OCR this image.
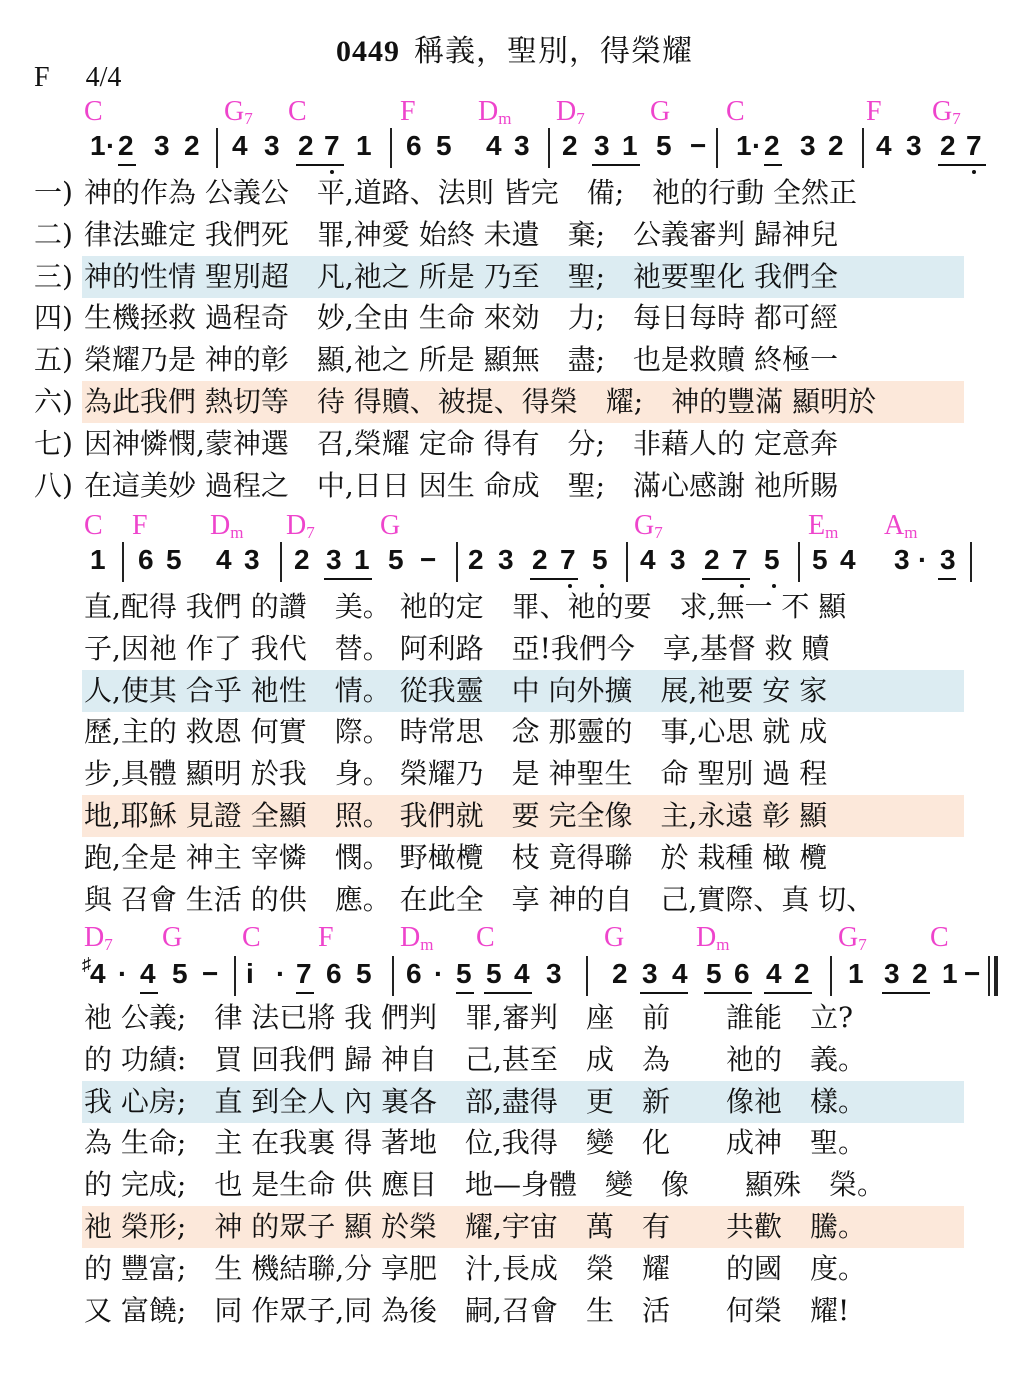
0449 稱義，聖別，得榮耀
F 4/4
C	$G_7$ C	F $D_m$ $D_7$ G C	F $G_7$
1 · 2 3 2 4 3 2 7 1 6 5 4 3 2 3 1 5 − 1 · 2 3 2 4 3 2 7
一) 神的作為 公義公　平,道路、法則 皆完　備;　祂的行動 全然正
二) 律法雖定 我們死　罪,神愛 始終 未遺　棄;　公義審判 歸神兒
三) 神的性情 聖別超　凡,祂之 所是 乃至　聖;　祂要聖化 我們全
四) 生機拯救 過程奇　妙,全由 生命 來効　力;　每日每時 都可經
五) 榮耀乃是 神的彰　顯,祂之 所是 顯無　盡;　也是救贖 終極一
六) 為此我們 熱切等　待 得贖、被提、得榮　耀;　神的豐滿 顯明於
七) 因神憐憫,蒙神選　召,榮耀 定命 得有　分;　非藉人的 定意奔
八) 在這美妙 過程之　中,日日 因生 命成　聖;　滿心感謝 祂所賜
C F $D_m$ $D_7$ G	$G_7$	$E_m$ $A_m$
1 6 5 4 3 2 3 1 5 − 2 3 2 7 5 4 3 2 7 5 5 4 3 · 3
直,配得 我們 的讚　美。 祂的定　罪、祂的要　求,無一 不 顯
子,因祂 作了 我代　替。 阿利路　亞!我們今　享,基督 救 贖
人,使其 合乎 祂性　情。 從我靈　中 向外擴　展,祂要 安 家
歷,主的 救恩 何實　際。 時常思　念 那靈的　事,心思 就 成
步,具體 顯明 於我　身。 榮耀乃　是 神聖生　命 聖別 過 程
地,耶穌 見證 全顯　照。 我們就　要 完全像　主,永遠 彰 顯
跑,全是 神主 宰憐　憫。 野橄欖　枝 竟得聯　於 栽種 橄 欖
與 召會 生活 的供　應。 在此全　享 神的自　己,實際、真 切、
$D_7$ G C F $D_m$ C	G	$D_m$	$G_7$ C
♯ 4 · 4 5 − i · 7 6 5 6 · 5 5 4 3 2 3 4 5 6 4 2 1 3 2 1 −
祂 公義;　律 法已將 我 們判　罪,審判　座　前　　誰能　立?
的 功績:　買 回我們 歸 神自　己,甚至　成　為　　祂的　義。
我 心房;　直 到全人 內 裏各　部,盡得　更　新　　像祂　樣。
為 生命;　主 在我裏 得 著地　位,我得　變　化　　成神　聖。
的 完成;　也 是生命 供 應目　地—身體　變　像　　顯殊　榮。
祂 榮形;　神 的眾子 顯 於榮　耀,宇宙　萬　有　　共歡　騰。
的 豐富;　生 機結聯,分 享肥　汁,長成　榮　耀　　的國　度。
又 富饒;　同 作眾子,同 為後　嗣,召會　生　活　　何榮　耀!
